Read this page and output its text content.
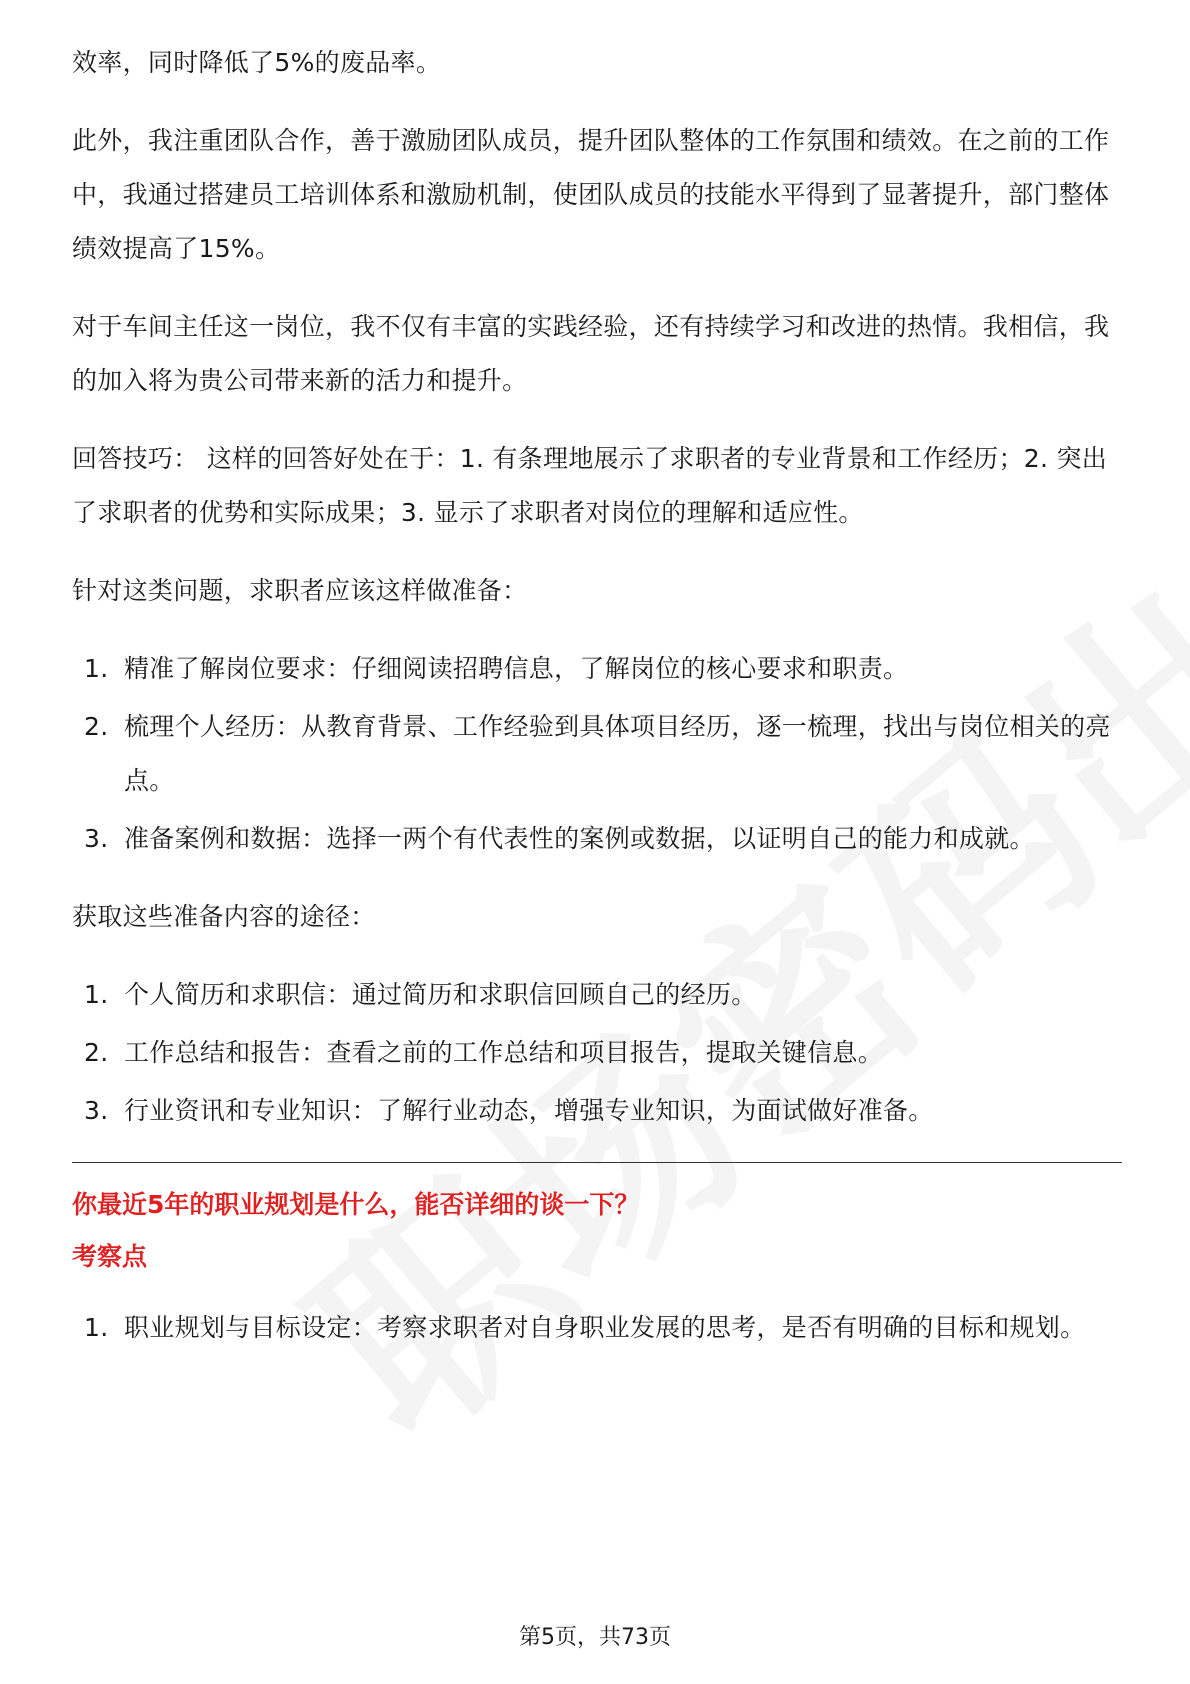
效率，同时降低了5%的废品率。

此外，我注重团队合作，善于激励团队成员，提升团队整体的工作氛围和绩效。在之前的工作中，我通过搭建员工培训体系和激励机制，使团队成员的技能水平得到了显著提升，部门整体绩效提高了15%。

对于车间主任这一岗位，我不仅有丰富的实践经验，还有持续学习和改进的热情。我相信，我的加入将为贵公司带来新的活力和提升。

回答技巧： 这样的回答好处在于：1. 有条理地展示了求职者的专业背景和工作经历；2. 突出了求职者的优势和实际成果；3. 显示了求职者对岗位的理解和适应性。

针对这类问题，求职者应该这样做准备：

1. 精准了解岗位要求：仔细阅读招聘信息，了解岗位的核心要求和职责。
2. 梳理个人经历：从教育背景、工作经验到具体项目经历，逐一梳理，找出与岗位相关的亮点。
3. 准备案例和数据：选择一两个有代表性的案例或数据，以证明自己的能力和成就。

获取这些准备内容的途径：

1. 个人简历和求职信：通过简历和求职信回顾自己的经历。
2. 工作总结和报告：查看之前的工作总结和项目报告，提取关键信息。
3. 行业资讯和专业知识：了解行业动态，增强专业知识，为面试做好准备。
你最近5年的职业规划是什么，能否详细的谈一下？
考察点
1. 职业规划与目标设定：考察求职者对自身职业发展的思考，是否有明确的目标和规划。
第5页，共73页
